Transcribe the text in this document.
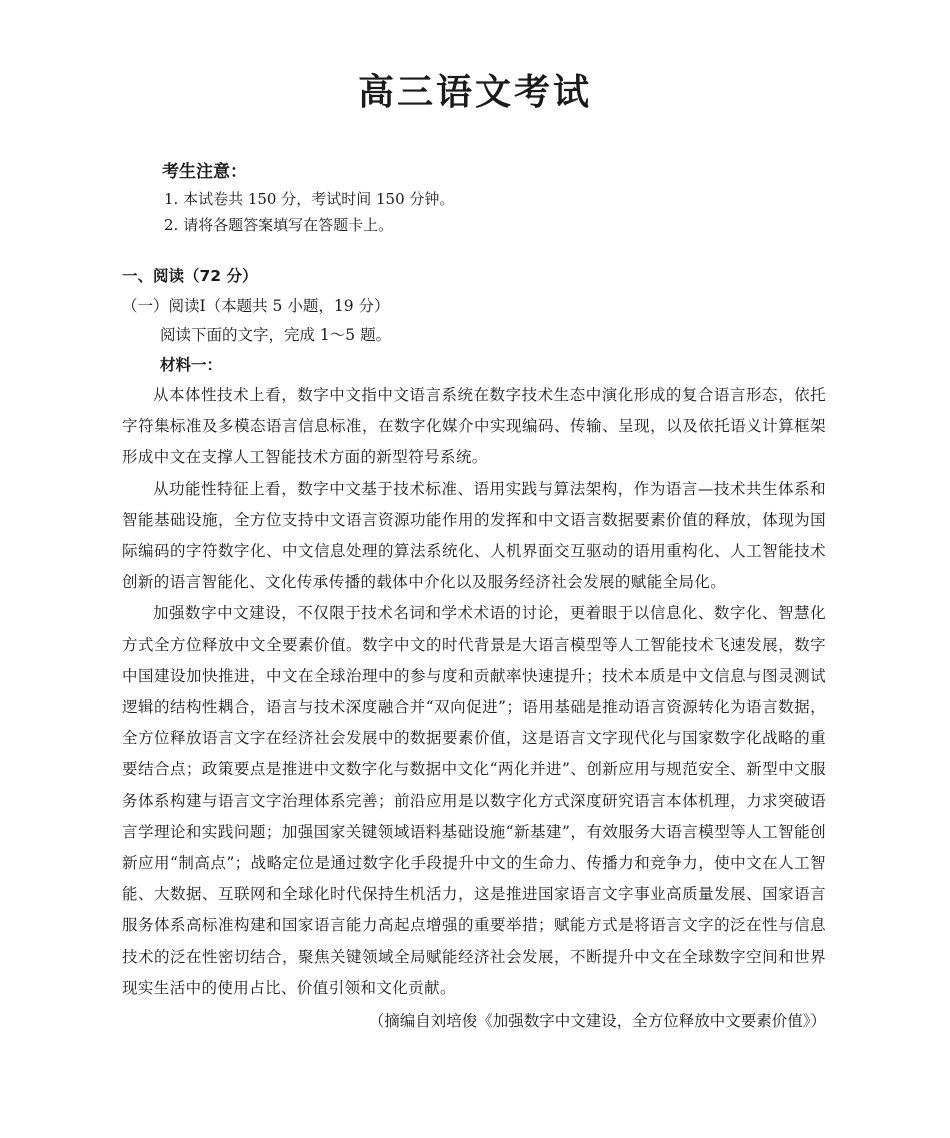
高三语文考试
考生注意：
1. 本试卷共 150 分，考试时间 150 分钟。
2. 请将各题答案填写在答题卡上。
一、阅读（72 分）
（一）阅读Ⅰ（本题共 5 小题，19 分）
阅读下面的文字，完成 1～5 题。
材料一：

从本体性技术上看，数字中文指中文语言系统在数字技术生态中演化形成的复合语言形态，依托字符集标准及多模态语言信息标准，在数字化媒介中实现编码、传输、呈现，以及依托语义计算框架形成中文在支撑人工智能技术方面的新型符号系统。

从功能性特征上看，数字中文基于技术标准、语用实践与算法架构，作为语言—技术共生体系和智能基础设施，全方位支持中文语言资源功能作用的发挥和中文语言数据要素价值的释放，体现为国际编码的字符数字化、中文信息处理的算法系统化、人机界面交互驱动的语用重构化、人工智能技术创新的语言智能化、文化传承传播的载体中介化以及服务经济社会发展的赋能全局化。

加强数字中文建设，不仅限于技术名词和学术术语的讨论，更着眼于以信息化、数字化、智慧化方式全方位释放中文全要素价值。数字中文的时代背景是大语言模型等人工智能技术飞速发展，数字中国建设加快推进，中文在全球治理中的参与度和贡献率快速提升；技术本质是中文信息与图灵测试逻辑的结构性耦合，语言与技术深度融合并“双向促进”；语用基础是推动语言资源转化为语言数据，全方位释放语言文字在经济社会发展中的数据要素价值，这是语言文字现代化与国家数字化战略的重要结合点；政策要点是推进中文数字化与数据中文化“两化并进”、创新应用与规范安全、新型中文服务体系构建与语言文字治理体系完善；前沿应用是以数字化方式深度研究语言本体机理，力求突破语言学理论和实践问题；加强国家关键领域语料基础设施“新基建”，有效服务大语言模型等人工智能创新应用“制高点”；战略定位是通过数字化手段提升中文的生命力、传播力和竞争力，使中文在人工智能、大数据、互联网和全球化时代保持生机活力，这是推进国家语言文字事业高质量发展、国家语言服务体系高标准构建和国家语言能力高起点增强的重要举措；赋能方式是将语言文字的泛在性与信息技术的泛在性密切结合，聚焦关键领域全局赋能经济社会发展，不断提升中文在全球数字空间和世界现实生活中的使用占比、价值引领和文化贡献。

（摘编自刘培俊《加强数字中文建设，全方位释放中文要素价值》）
